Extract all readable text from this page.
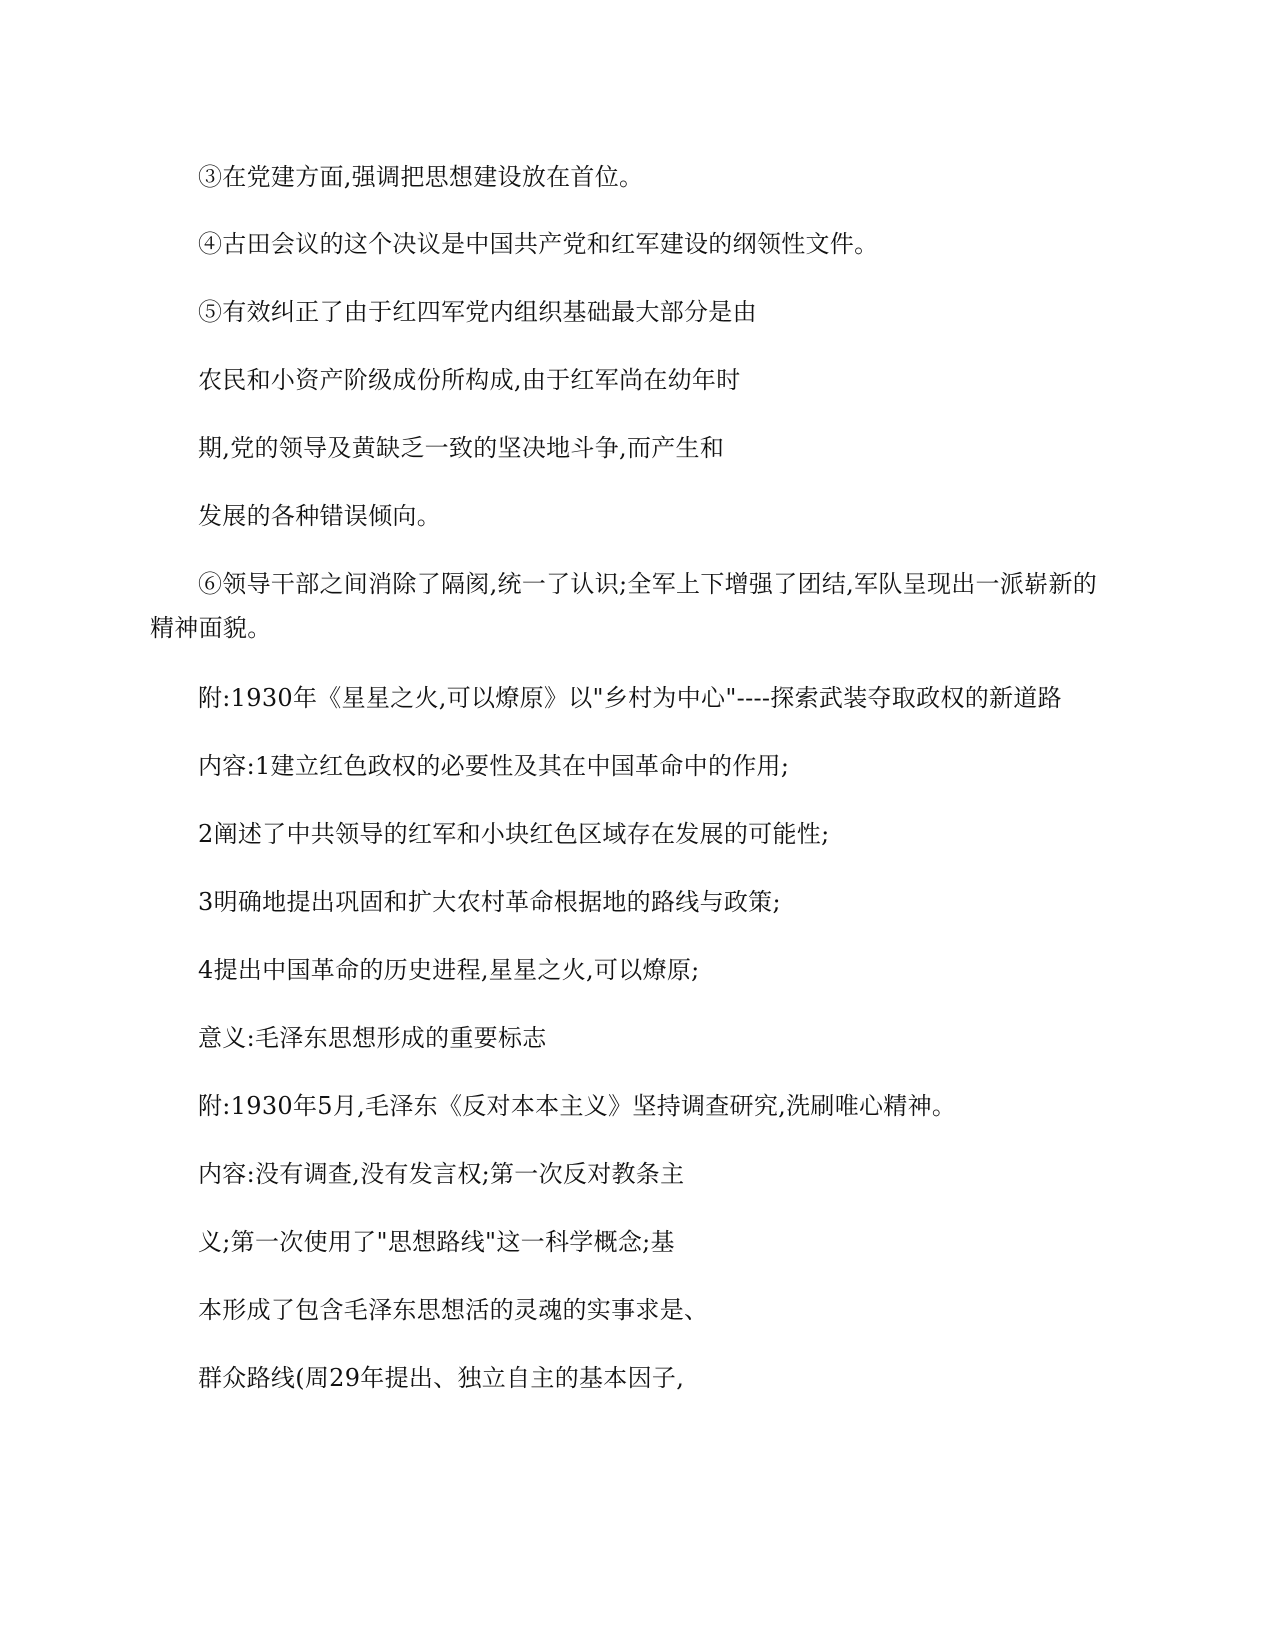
③在党建方面,强调把思想建设放在首位。
④古田会议的这个决议是中国共产党和红军建设的纲领性文件。
⑤有效纠正了由于红四军党内组织基础最大部分是由
农民和小资产阶级成份所构成,由于红军尚在幼年时
期,党的领导及黄缺乏一致的坚决地斗争,而产生和
发展的各种错误倾向。
⑥领导干部之间消除了隔阂,统一了认识;全军上下增强了团结,军队呈现出一派崭新的
精神面貌。
附:1930年《星星之火,可以燎原》以"乡村为中心"----探索武装夺取政权的新道路
内容:1建立红色政权的必要性及其在中国革命中的作用;
2阐述了中共领导的红军和小块红色区域存在发展的可能性;
3明确地提出巩固和扩大农村革命根据地的路线与政策;
4提出中国革命的历史进程,星星之火,可以燎原;
意义:毛泽东思想形成的重要标志
附:1930年5月,毛泽东《反对本本主义》坚持调查研究,洗刷唯心精神。
内容:没有调查,没有发言权;第一次反对教条主
义;第一次使用了"思想路线"这一科学概念;基
本形成了包含毛泽东思想活的灵魂的实事求是、
群众路线(周29年提出、独立自主的基本因子,
